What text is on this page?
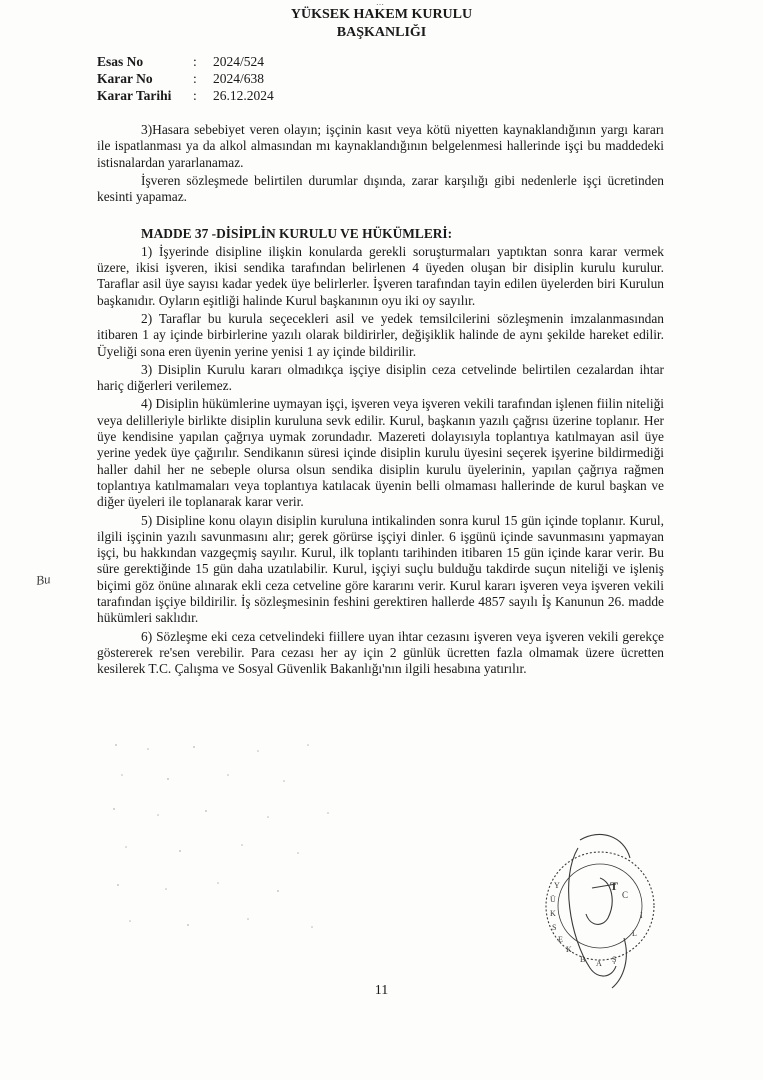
…
YÜKSEK HAKEM KURULU
BAŞKANLIĞI
Esas No	:	2024/524
Karar No	:	2024/638
Karar Tarihi	:	26.12.2024

3)Hasara sebebiyet veren olayın; işçinin kasıt veya kötü niyetten kaynaklandığının yargı kararı ile ispatlanması ya da alkol almasından mı kaynaklandığının belgelenmesi hallerinde işçi bu maddedeki istisnalardan yararlanamaz.

İşveren sözleşmede belirtilen durumlar dışında, zarar karşılığı gibi nedenlerle işçi ücretinden kesinti yapamaz.

MADDE 37 -DİSİPLİN KURULU VE HÜKÜMLERİ:

1) İşyerinde disipline ilişkin konularda gerekli soruşturmaları yaptıktan sonra karar vermek üzere, ikisi işveren, ikisi sendika tarafından belirlenen 4 üyeden oluşan bir disiplin kurulu kurulur. Taraflar asil üye sayısı kadar yedek üye belirlerler. İşveren tarafından tayin edilen üyelerden biri Kurulun başkanıdır. Oyların eşitliği halinde Kurul başkanının oyu iki oy sayılır.

2) Taraflar bu kurula seçecekleri asil ve yedek temsilcilerini sözleşmenin imzalanmasından itibaren 1 ay içinde birbirlerine yazılı olarak bildirirler, değişiklik halinde de aynı şekilde hareket edilir. Üyeliği sona eren üyenin yerine yenisi 1 ay içinde bildirilir.

3) Disiplin Kurulu kararı olmadıkça işçiye disiplin ceza cetvelinde belirtilen cezalardan ihtar hariç diğerleri verilemez.

4) Disiplin hükümlerine uymayan işçi, işveren veya işveren vekili tarafından işlenen fiilin niteliği veya delilleriyle birlikte disiplin kuruluna sevk edilir. Kurul, başkanın yazılı çağrısı üzerine toplanır. Her üye kendisine yapılan çağrıya uymak zorundadır. Mazereti dolayısıyla toplantıya katılmayan asil üye yerine yedek üye çağırılır. Sendikanın süresi içinde disiplin kurulu üyesini seçerek işyerine bildirmediği haller dahil her ne sebeple olursa olsun sendika disiplin kurulu üyelerinin, yapılan çağrıya rağmen toplantıya katılmamaları veya toplantıya katılacak üyenin belli olmaması hallerinde de kurul başkan ve diğer üyeleri ile toplanarak karar verir.

5) Disipline konu olayın disiplin kuruluna intikalinden sonra kurul 15 gün içinde toplanır. Kurul, ilgili işçinin yazılı savunmasını alır; gerek görürse işçiyi dinler. 6 işgünü içinde savunmasını yapmayan işçi, bu hakkından vazgeçmiş sayılır. Kurul, ilk toplantı tarihinden itibaren 15 gün içinde karar verir. Bu süre gerektiğinde 15 gün daha uzatılabilir. Kurul, işçiyi suçlu bulduğu takdirde suçun niteliği ve işleniş biçimi göz önüne alınarak ekli ceza cetveline göre kararını verir. Kurul kararı işveren veya işveren vekili tarafından işçiye bildirilir. İş sözleşmesinin feshini gerektiren hallerde 4857 sayılı İş Kanunun 26. madde hükümleri saklıdır.

6) Sözleşme eki ceza cetvelindeki fiillere uyan ihtar cezasını işveren veya işveren vekili gerekçe göstererek re'sen verebilir. Para cezası her ay için 2 günlük ücretten fazla olmamak üzere ücretten kesilerek T.C. Çalışma ve Sosyal Güvenlik Bakanlığı'nın ilgili hesabına yatırılır.

Bu
Y
Ü
K
S
E
K
B A Ş
L
I
T
C
11
